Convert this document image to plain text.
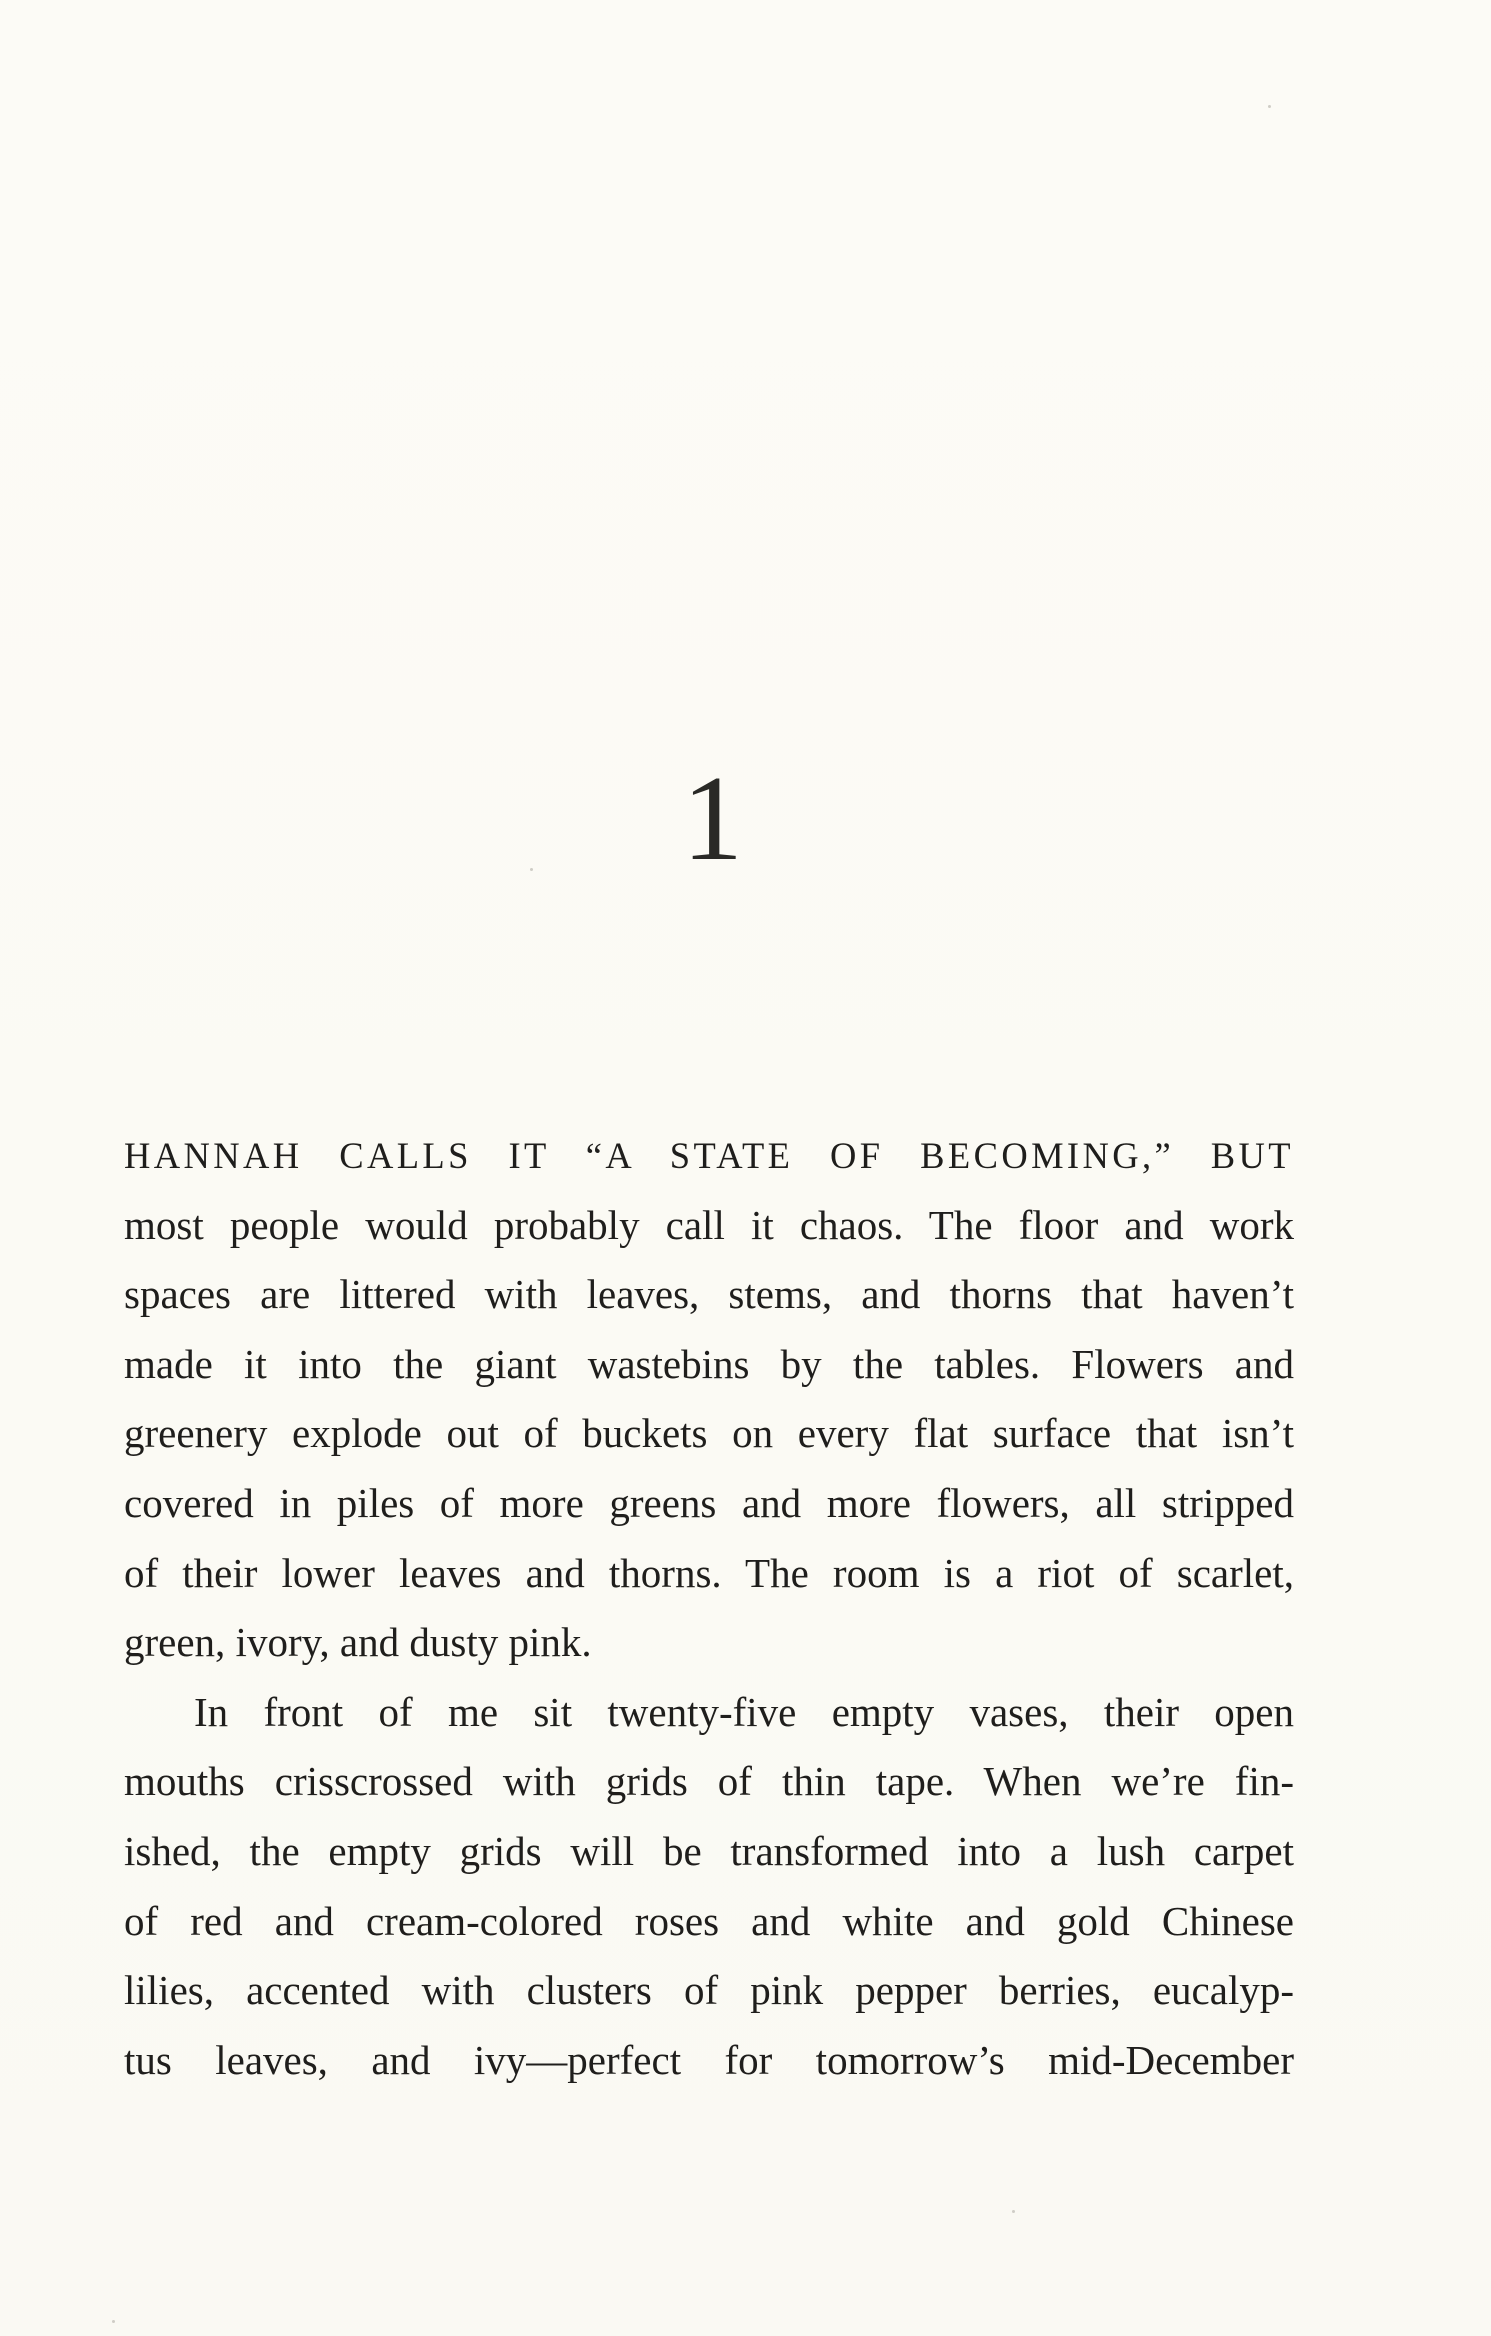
1

HANNAH CALLS IT “A STATE OF BECOMING,” BUT
most people would probably call it chaos. The floor and work
spaces are littered with leaves, stems, and thorns that haven’t
made it into the giant wastebins by the tables. Flowers and
greenery explode out of buckets on every flat surface that isn’t
covered in piles of more greens and more flowers, all stripped
of their lower leaves and thorns. The room is a riot of scarlet,
green, ivory, and dusty pink.

In front of me sit twenty-five empty vases, their open
mouths crisscrossed with grids of thin tape. When we’re fin-
ished, the empty grids will be transformed into a lush carpet
of red and cream-colored roses and white and gold Chinese
lilies, accented with clusters of pink pepper berries, eucalyp-
tus leaves, and ivy—perfect for tomorrow’s mid-December
